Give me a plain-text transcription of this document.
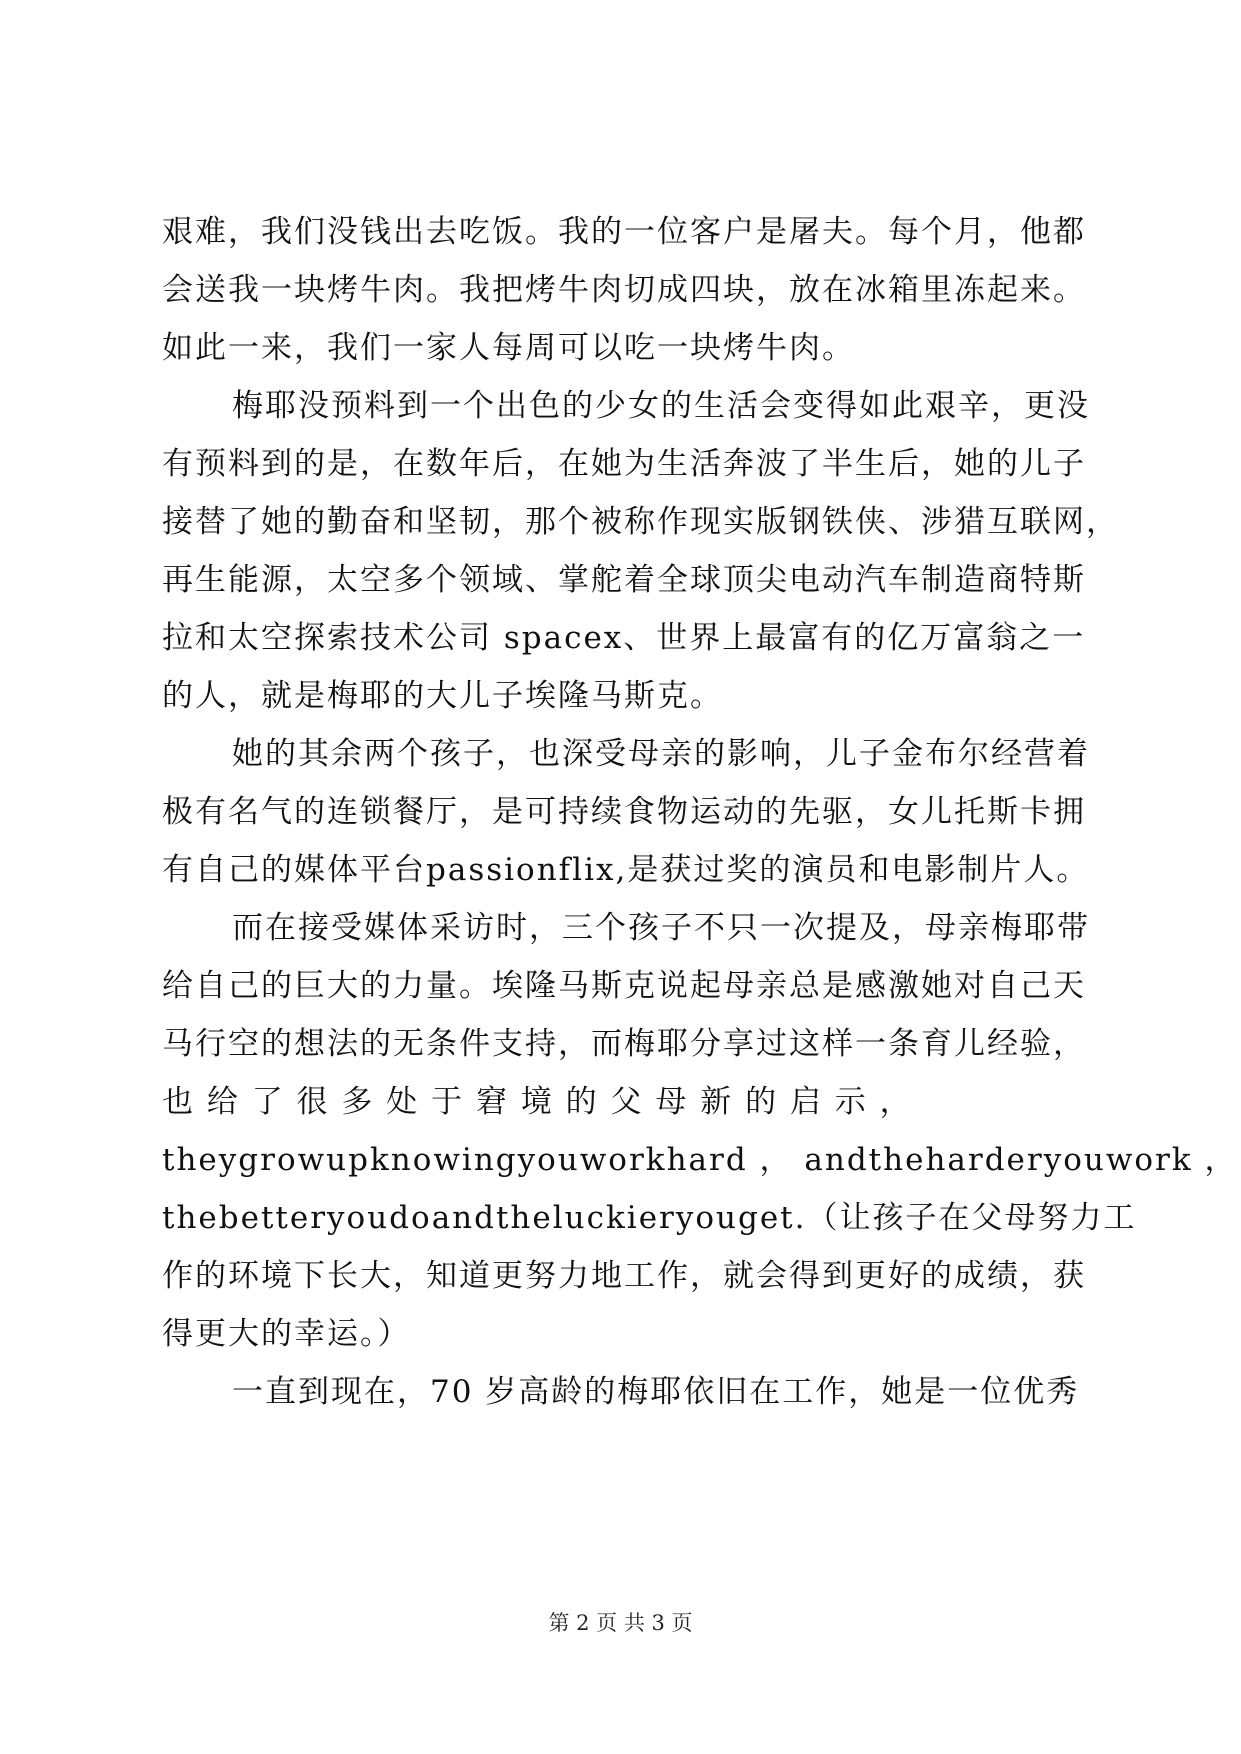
艰难，我们没钱出去吃饭。我的一位客户是屠夫。每个月，他都
会送我一块烤牛肉。我把烤牛肉切成四块，放在冰箱里冻起来。
如此一来，我们一家人每周可以吃一块烤牛肉。
梅耶没预料到一个出色的少女的生活会变得如此艰辛，更没
有预料到的是，在数年后，在她为生活奔波了半生后，她的儿子
接替了她的勤奋和坚韧，那个被称作现实版钢铁侠、涉猎互联网，
再生能源，太空多个领域、掌舵着全球顶尖电动汽车制造商特斯
拉和太空探索技术公司 spacex、世界上最富有的亿万富翁之一
的人，就是梅耶的大儿子埃隆马斯克。
她的其余两个孩子，也深受母亲的影响，儿子金布尔经营着
极有名气的连锁餐厅，是可持续食物运动的先驱，女儿托斯卡拥
有自己的媒体平台passionflix,是获过奖的演员和电影制片人。
而在接受媒体采访时，三个孩子不只一次提及，母亲梅耶带
给自己的巨大的力量。埃隆马斯克说起母亲总是感激她对自己天
马行空的想法的无条件支持，而梅耶分享过这样一条育儿经验，
也 给 了 很 多 处 于 窘 境 的 父 母 新 的 启 示 ，
theygrowupknowingyouworkhard ， andtheharderyouwork ，
thebetteryoudoandtheluckieryouget.（让孩子在父母努力工
作的环境下长大，知道更努力地工作，就会得到更好的成绩，获
得更大的幸运。）
一直到现在，70 岁高龄的梅耶依旧在工作，她是一位优秀
第 2 页 共 3 页
